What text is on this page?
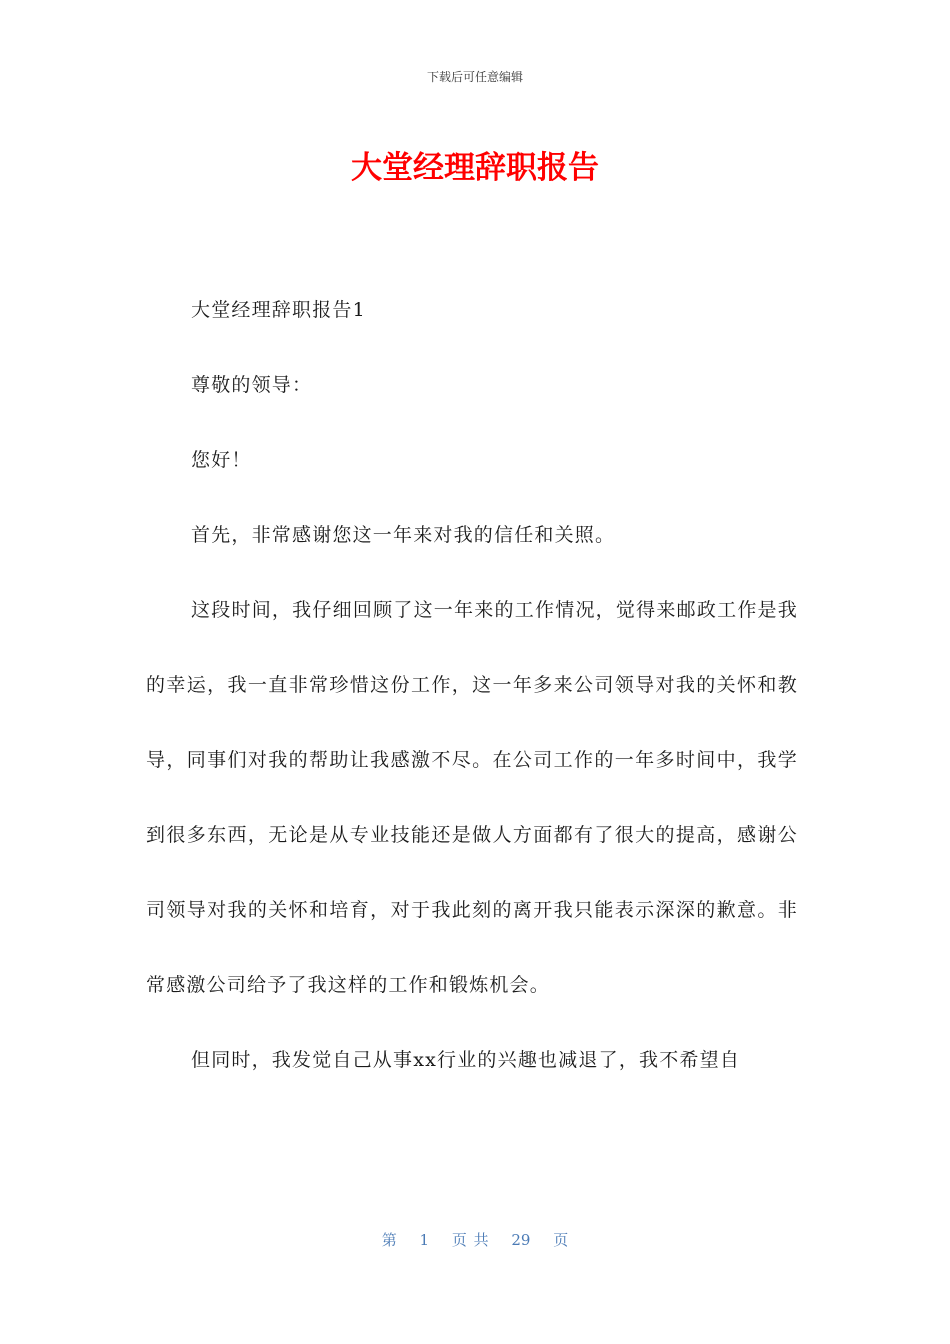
下载后可任意编辑
大堂经理辞职报告

大堂经理辞职报告1

尊敬的领导：

您好！

首先，非常感谢您这一年来对我的信任和关照。

这段时间，我仔细回顾了这一年来的工作情况，觉得来邮政工作是我的幸运，我一直非常珍惜这份工作，这一年多来公司领导对我的关怀和教导，同事们对我的帮助让我感激不尽。在公司工作的一年多时间中，我学到很多东西，无论是从专业技能还是做人方面都有了很大的提高，感谢公司领导对我的关怀和培育，对于我此刻的离开我只能表示深深的歉意。非常感激公司给予了我这样的工作和锻炼机会。

但同时，我发觉自己从事xx行业的兴趣也减退了，我不希望自

第 1 页 共 29 页
